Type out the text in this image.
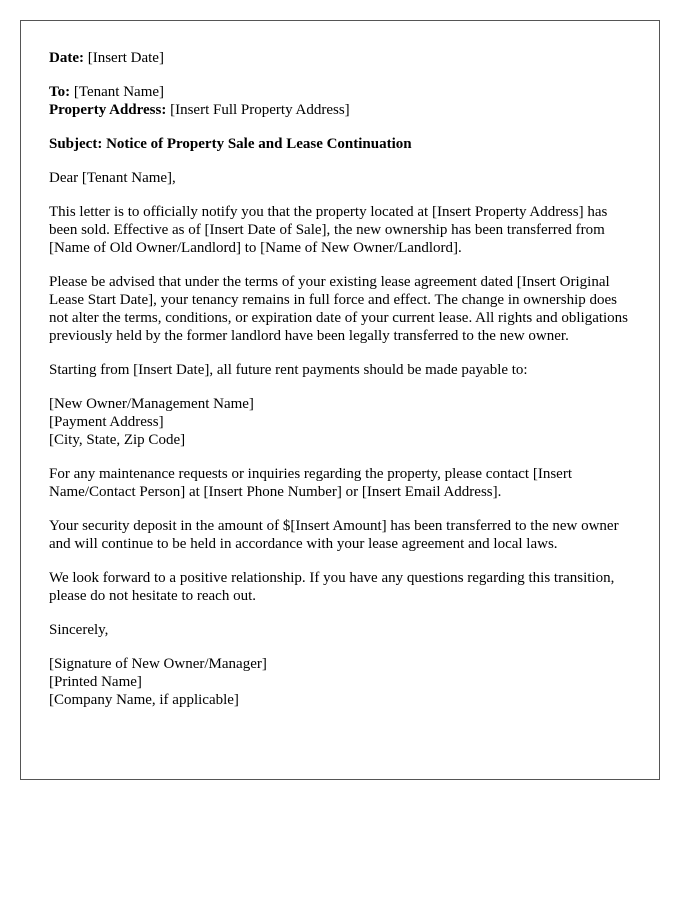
Date: [Insert Date]

To: [Tenant Name]
Property Address: [Insert Full Property Address]

Subject: Notice of Property Sale and Lease Continuation

Dear [Tenant Name],

This letter is to officially notify you that the property located at [Insert Property Address] has been sold. Effective as of [Insert Date of Sale], the new ownership has been transferred from [Name of Old Owner/Landlord] to [Name of New Owner/Landlord].

Please be advised that under the terms of your existing lease agreement dated [Insert Original Lease Start Date], your tenancy remains in full force and effect. The change in ownership does not alter the terms, conditions, or expiration date of your current lease. All rights and obligations previously held by the former landlord have been legally transferred to the new owner.

Starting from [Insert Date], all future rent payments should be made payable to:

[New Owner/Management Name]
[Payment Address]
[City, State, Zip Code]

For any maintenance requests or inquiries regarding the property, please contact [Insert Name/Contact Person] at [Insert Phone Number] or [Insert Email Address].

Your security deposit in the amount of $[Insert Amount] has been transferred to the new owner and will continue to be held in accordance with your lease agreement and local laws.

We look forward to a positive relationship. If you have any questions regarding this transition, please do not hesitate to reach out.

Sincerely,

[Signature of New Owner/Manager]
[Printed Name]
[Company Name, if applicable]
